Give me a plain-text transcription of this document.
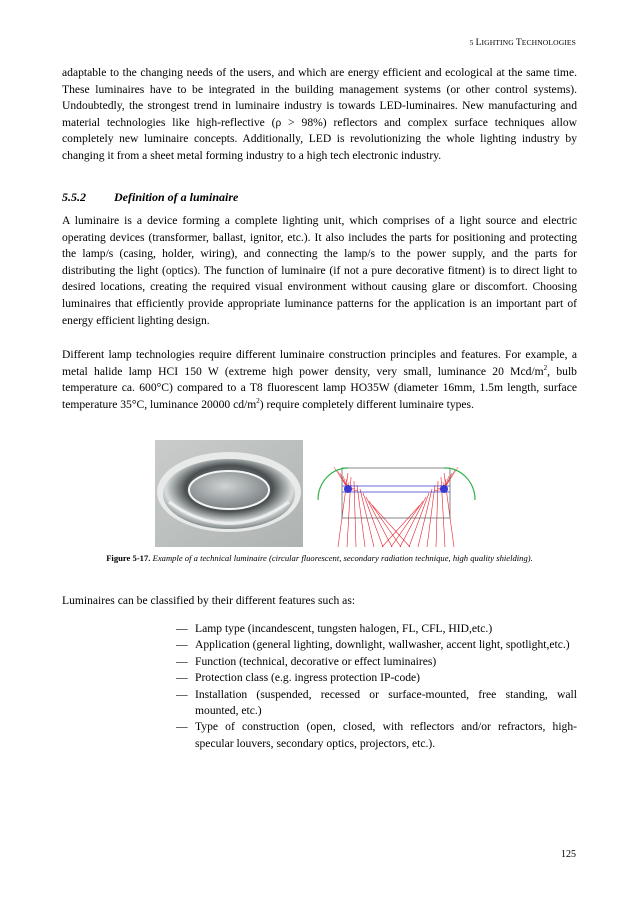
5 LIGHTING TECHNOLOGIES

adaptable to the changing needs of the users, and which are energy efficient and ecological at the same time. These luminaires have to be integrated in the building management systems (or other control systems). Undoubtedly, the strongest trend in luminaire industry is towards LED-luminaires. New manufacturing and material technologies like high-reflective (ρ > 98%) reflectors and complex surface techniques allow completely new luminaire concepts. Additionally, LED is revolutionizing the whole lighting industry by changing it from a sheet metal forming industry to a high tech electronic industry.

5.5.2 Definition of a luminaire

A luminaire is a device forming a complete lighting unit, which comprises of a light source and electric operating devices (transformer, ballast, ignitor, etc.). It also includes the parts for positioning and protecting the lamp/s (casing, holder, wiring), and connecting the lamp/s to the power supply, and the parts for distributing the light (optics). The function of luminaire (if not a pure decorative fitment) is to direct light to desired locations, creating the required visual environment without causing glare or discomfort. Choosing luminaires that efficiently provide appropriate luminance patterns for the application is an important part of energy efficient lighting design.

Different lamp technologies require different luminaire construction principles and features. For example, a metal halide lamp HCI 150 W (extreme high power density, very small, luminance 20 Mcd/$m^2$, bulb temperature ca. 600°C) compared to a T8 fluorescent lamp HO35W (diameter 16mm, 1.5m length, surface temperature 35°C, luminance 20000 $cd/m^2$) require completely different luminaire types.

Figure 5-17. Example of a technical luminaire (circular fluorescent, secondary radiation technique, high quality shielding).

Luminaires can be classified by their different features such as:

― Lamp type (incandescent, tungsten halogen, FL, CFL, HID,etc.)
― Application (general lighting, downlight, wallwasher, accent light, spotlight,etc.)
― Function (technical, decorative or effect luminaires)
― Protection class (e.g. ingress protection IP-code)
― Installation (suspended, recessed or surface-mounted, free standing, wall mounted, etc.)
― Type of construction (open, closed, with reflectors and/or refractors, high-specular louvers, secondary optics, projectors, etc.).
125
